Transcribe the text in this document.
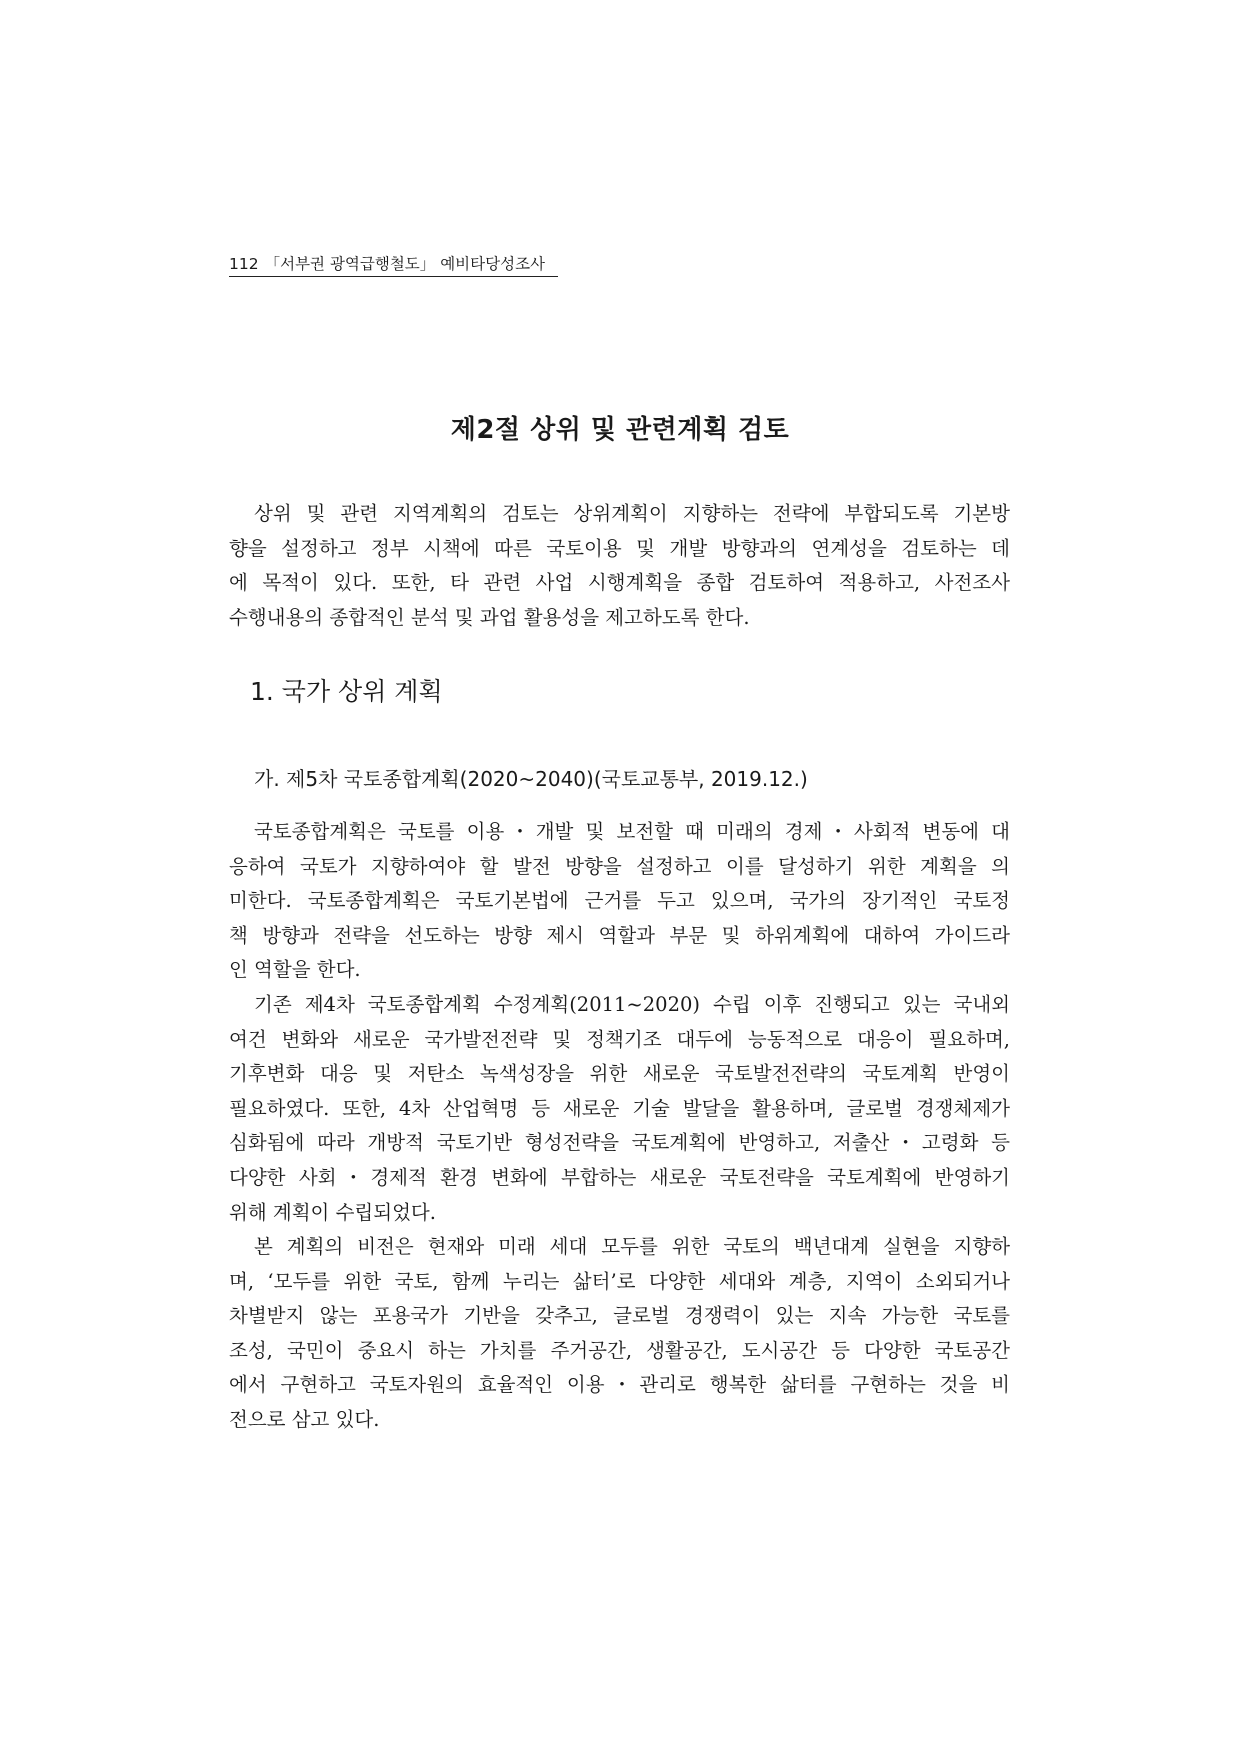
112 「서부권 광역급행철도」 예비타당성조사
제2절 상위 및 관련계획 검토
상위 및 관련 지역계획의 검토는 상위계획이 지향하는 전략에 부합되도록 기본방
향을 설정하고 정부 시책에 따른 국토이용 및 개발 방향과의 연계성을 검토하는 데
에 목적이 있다. 또한, 타 관련 사업 시행계획을 종합 검토하여 적용하고, 사전조사
수행내용의 종합적인 분석 및 과업 활용성을 제고하도록 한다.
1. 국가 상위 계획
가. 제5차 국토종합계획(2020~2040)(국토교통부, 2019.12.)
국토종합계획은 국토를 이용・개발 및 보전할 때 미래의 경제・사회적 변동에 대
응하여 국토가 지향하여야 할 발전 방향을 설정하고 이를 달성하기 위한 계획을 의
미한다. 국토종합계획은 국토기본법에 근거를 두고 있으며, 국가의 장기적인 국토정
책 방향과 전략을 선도하는 방향 제시 역할과 부문 및 하위계획에 대하여 가이드라
인 역할을 한다.
기존 제4차 국토종합계획 수정계획(2011~2020) 수립 이후 진행되고 있는 국내외
여건 변화와 새로운 국가발전전략 및 정책기조 대두에 능동적으로 대응이 필요하며,
기후변화 대응 및 저탄소 녹색성장을 위한 새로운 국토발전전략의 국토계획 반영이
필요하였다. 또한, 4차 산업혁명 등 새로운 기술 발달을 활용하며, 글로벌 경쟁체제가
심화됨에 따라 개방적 국토기반 형성전략을 국토계획에 반영하고, 저출산・고령화 등
다양한 사회・경제적 환경 변화에 부합하는 새로운 국토전략을 국토계획에 반영하기
위해 계획이 수립되었다.
본 계획의 비전은 현재와 미래 세대 모두를 위한 국토의 백년대계 실현을 지향하
며, ‘모두를 위한 국토, 함께 누리는 삶터’로 다양한 세대와 계층, 지역이 소외되거나
차별받지 않는 포용국가 기반을 갖추고, 글로벌 경쟁력이 있는 지속 가능한 국토를
조성, 국민이 중요시 하는 가치를 주거공간, 생활공간, 도시공간 등 다양한 국토공간
에서 구현하고 국토자원의 효율적인 이용・관리로 행복한 삶터를 구현하는 것을 비
전으로 삼고 있다.
